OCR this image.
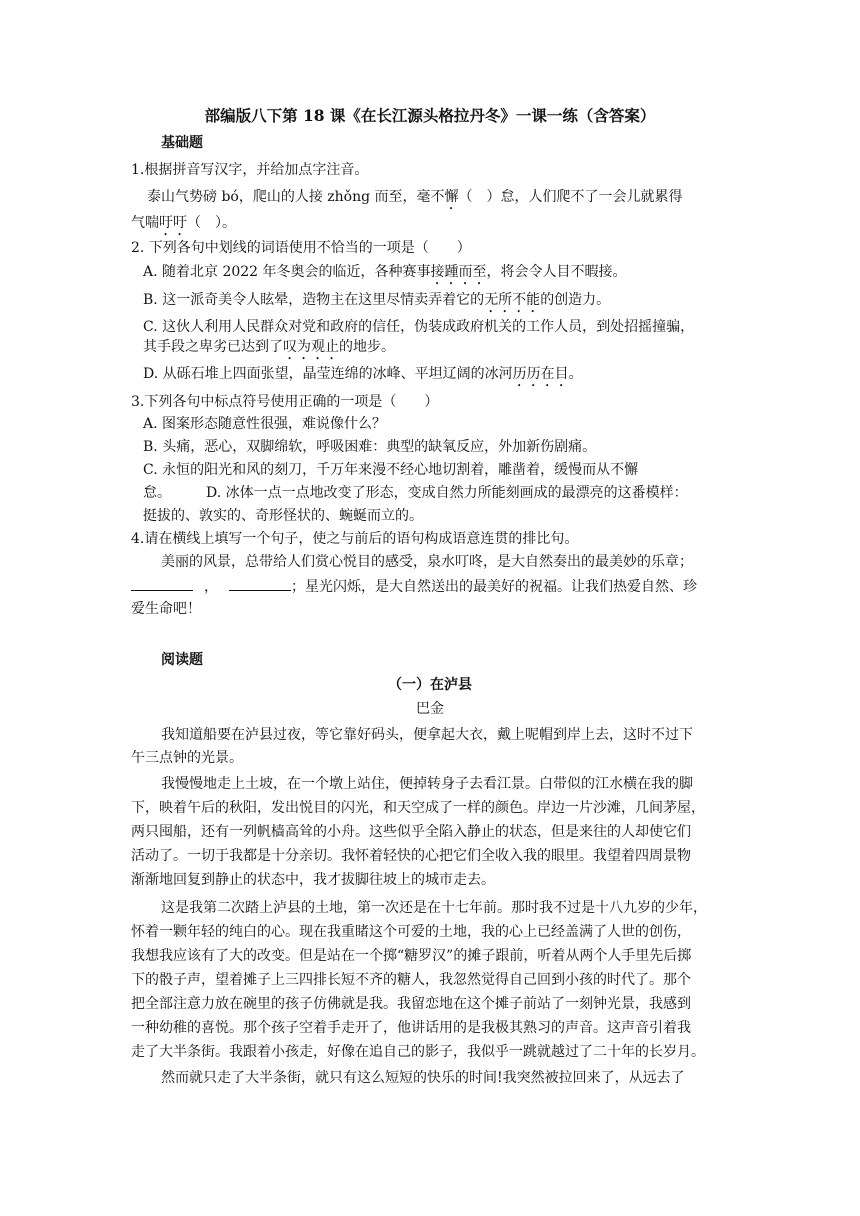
部编版八下第 18 课《在长江源头格拉丹冬》一课一练（含答案）
基础题
1.根据拼音写汉字，并给加点字注音。
泰山气势磅 bó，爬山的人接 zhǒng 而至，毫不懈（　）怠，人们爬不了一会儿就累得
气喘吁吁（　）。
2. 下列各句中划线的词语使用不恰当的一项是（　　）
A. 随着北京 2022 年冬奥会的临近，各种赛事接踵而至，将会令人目不暇接。
B. 这一派奇美令人眩晕，造物主在这里尽情卖弄着它的无所不能的创造力。
C. 这伙人利用人民群众对党和政府的信任，伪装成政府机关的工作人员，到处招摇撞骗，
其手段之卑劣已达到了叹为观止的地步。
D. 从砾石堆上四面张望，晶莹连绵的冰峰、平坦辽阔的冰河历历在目。
3.下列各句中标点符号使用正确的一项是（　　）
A. 图案形态随意性很强，难说像什么？
B. 头痛，恶心，双脚绵软，呼吸困难：典型的缺氧反应，外加新伤剧痛。
C. 永恒的阳光和风的刻刀，千万年来漫不经心地切割着，雕凿着，缓慢而从不懈
怠。　　　D. 冰体一点一点地改变了形态，变成自然力所能刻画成的最漂亮的这番模样：
挺拔的、敦实的、奇形怪状的、蜿蜒而立的。
4.请在横线上填写一个句子，使之与前后的语句构成语意连贯的排比句。
美丽的风景，总带给人们赏心悦目的感受，泉水叮咚，是大自然奏出的最美妙的乐章；
，	；星光闪烁，是大自然送出的最美好的祝福。让我们热爱自然、珍
爱生命吧！
阅读题
（一）在泸县
巴金
我知道船要在泸县过夜，等它靠好码头，便拿起大衣，戴上呢帽到岸上去，这时不过下
午三点钟的光景。
我慢慢地走上土坡，在一个墩上站住，便掉转身子去看江景。白带似的江水横在我的脚
下，映着午后的秋阳，发出悦目的闪光，和天空成了一样的颜色。岸边一片沙滩，几间茅屋，
两只囤船，还有一列帆樯高耸的小舟。这些似乎全陷入静止的状态，但是来往的人却使它们
活动了。一切于我都是十分亲切。我怀着轻快的心把它们全收入我的眼里。我望着四周景物
渐渐地回复到静止的状态中，我才拔脚往坡上的城市走去。
这是我第二次踏上泸县的土地，第一次还是在十七年前。那时我不过是十八九岁的少年，
怀着一颗年轻的纯白的心。现在我重睹这个可爱的土地，我的心上已经盖满了人世的创伤，
我想我应该有了大的改变。但是站在一个掷“糖罗汉”的摊子跟前，听着从两个人手里先后掷
下的骰子声，望着摊子上三四排长短不齐的糖人，我忽然觉得自己回到小孩的时代了。那个
把全部注意力放在碗里的孩子仿佛就是我。我留恋地在这个摊子前站了一刻钟光景，我感到
一种幼稚的喜悦。那个孩子空着手走开了，他讲话用的是我极其熟习的声音。这声音引着我
走了大半条街。我跟着小孩走，好像在追自己的影子，我似乎一跳就越过了二十年的长岁月。
然而就只走了大半条街，就只有这么短短的快乐的时间!我突然被拉回来了，从远去了
